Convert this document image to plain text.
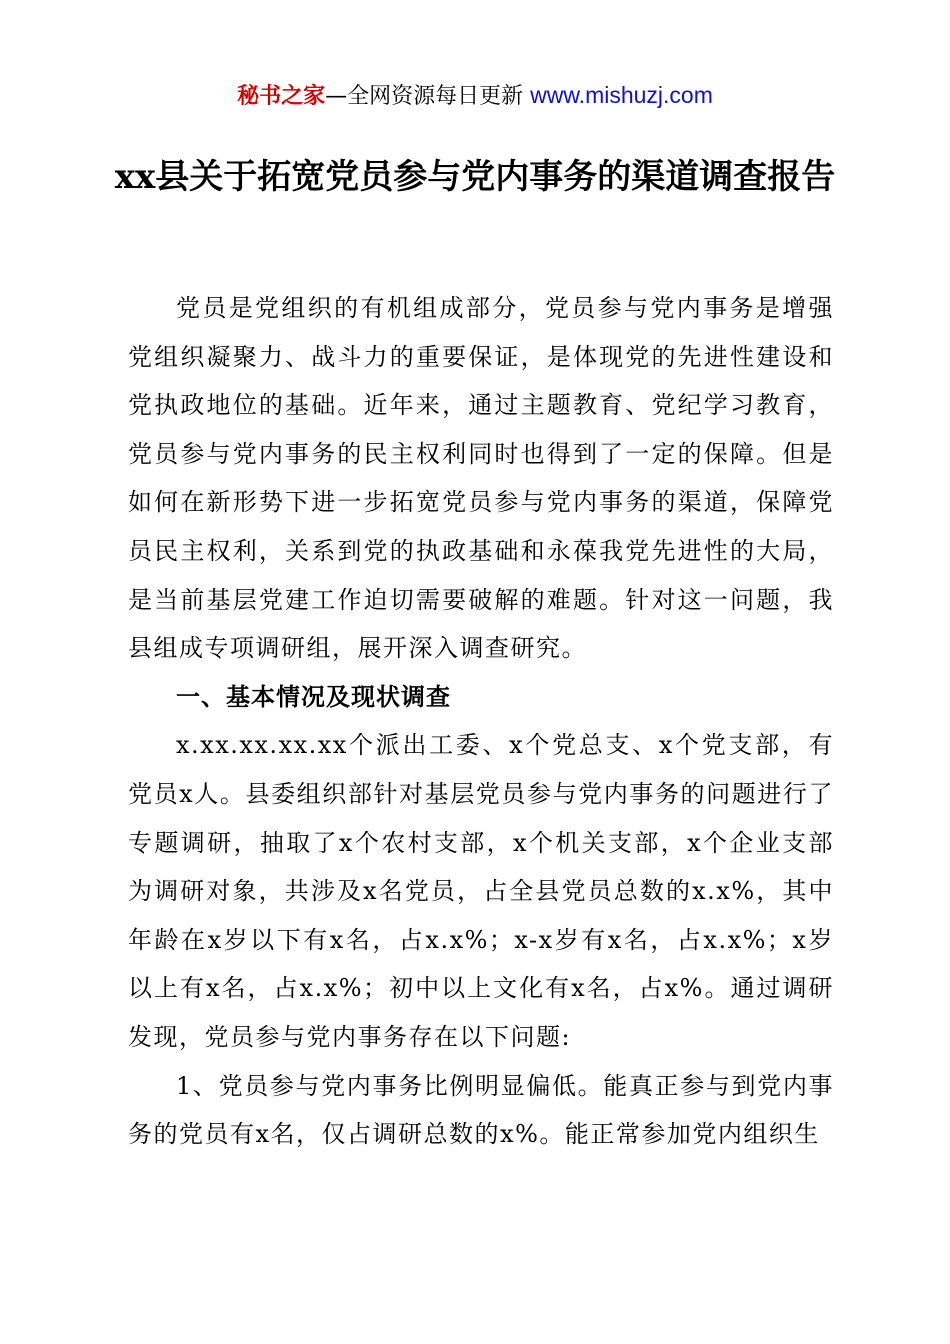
秘书之家—全网资源每日更新 www.mishuzj.com
xx县关于拓宽党员参与党内事务的渠道调查报告

党员是党组织的有机组成部分，党员参与党内事务是增强党组织凝聚力、战斗力的重要保证，是体现党的先进性建设和党执政地位的基础。近年来，通过主题教育、党纪学习教育，党员参与党内事务的民主权利同时也得到了一定的保障。但是如何在新形势下进一步拓宽党员参与党内事务的渠道，保障党员民主权利，关系到党的执政基础和永葆我党先进性的大局，是当前基层党建工作迫切需要破解的难题。针对这一问题，我县组成专项调研组，展开深入调查研究。

一、基本情况及现状调查

x.xx.xx.xx.xx个派出工委、x个党总支、x个党支部，有党员x人。县委组织部针对基层党员参与党内事务的问题进行了专题调研，抽取了x个农村支部，x个机关支部，x个企业支部为调研对象，共涉及x名党员，占全县党员总数的x.x%，其中年龄在x岁以下有x名，占x.x%；x-x岁有x名，占x.x%；x岁以上有x名，占x.x%；初中以上文化有x名，占x%。通过调研发现，党员参与党内事务存在以下问题:

1、党员参与党内事务比例明显偏低。能真正参与到党内事务的党员有x名，仅占调研总数的x%。能正常参加党内组织生
